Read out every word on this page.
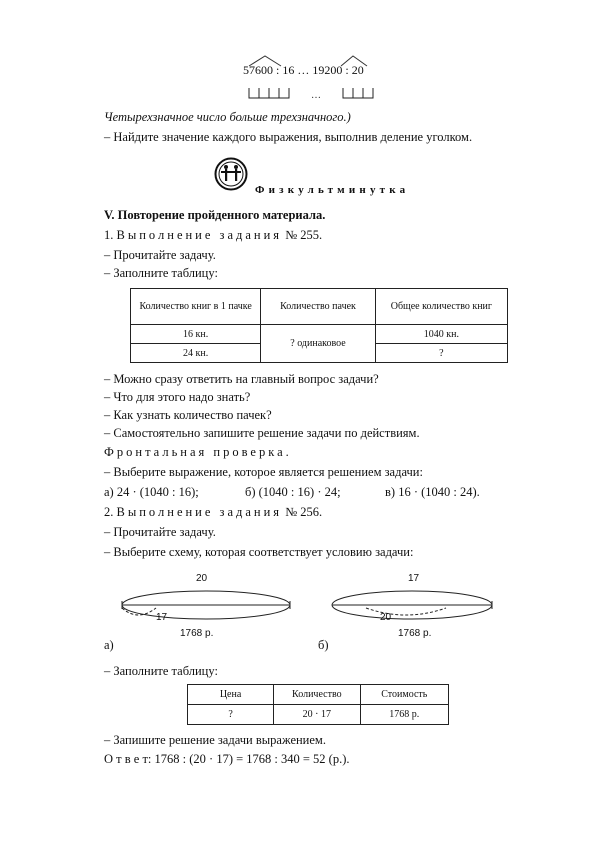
57600 : 16 … 19200 : 20
…
Четырехзначное число больше трехзначного.)
– Найдите значение каждого выражения, выполнив деление уголком.
Физкультминутка
V. Повторение пройденного материала.
1. Выполнение задания № 255.
– Прочитайте задачу.
– Заполните таблицу:
Количество книг в 1 пачке	Количество пачек	Общее количество книг
16 кн.	? одинаковое	1040 кн.
24 кн.		?
– Можно сразу ответить на главный вопрос задачи?
– Что для этого надо знать?
– Как узнать количество пачек?
– Самостоятельно запишите решение задачи по действиям.
Фронтальная проверка.
– Выберите выражение, которое является решением задачи:
а) 24 · (1040 : 16);	б) (1040 : 16) · 24;	в) 16 · (1040 : 24).
2. Выполнение задания № 256.
– Прочитайте задачу.
– Выберите схему, которая соответствует условию задачи:
20
17
1768 р.
а)
17
20
1768 р.
б)
– Заполните таблицу:
Цена	Количество	Стоимость
?	20 · 17	1768 р.
– Запишите решение задачи выражением.
О т в е т: 1768 : (20 · 17) = 1768 : 340 = 52 (р.).
